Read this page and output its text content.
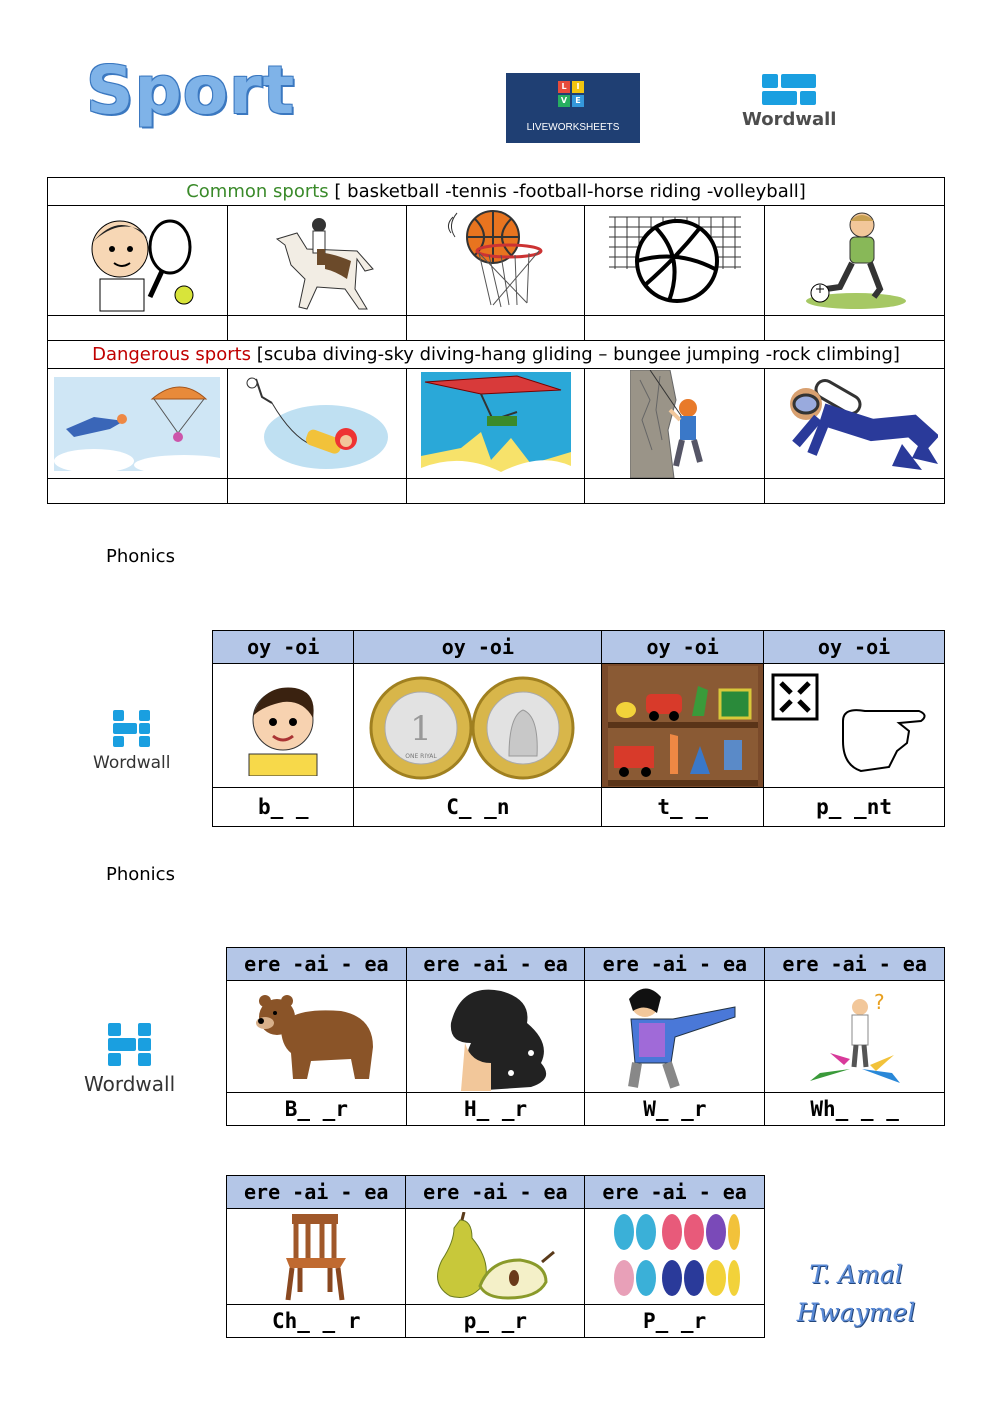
Sport	L	I
V	E
LIVEWORKSHEETS	Wordwall
Common sports [ basketball -tennis -football-horse riding -volleyball]				

Dangerous sports [scuba diving-sky diving-hang gliding – bungee jumping -rock climbing]				

Phonics
Wordwall
oy -oi	oy -oi	oy -oi	oy -oi

1
ONE RIYAL

b_ _	C_ _n	t_ _	p_ _nt
Phonics
Wordwall
ere -ai - ea	ere -ai - ea	ere -ai - ea	ere -ai - ea

?

B_ _r	H_ _r	W_ _r	Wh_ _ _
ere -ai - ea	ere -ai - ea	ere -ai - ea

Ch_ _ r	p_ _r	P_ _r
T. Amal
Hwaymel
